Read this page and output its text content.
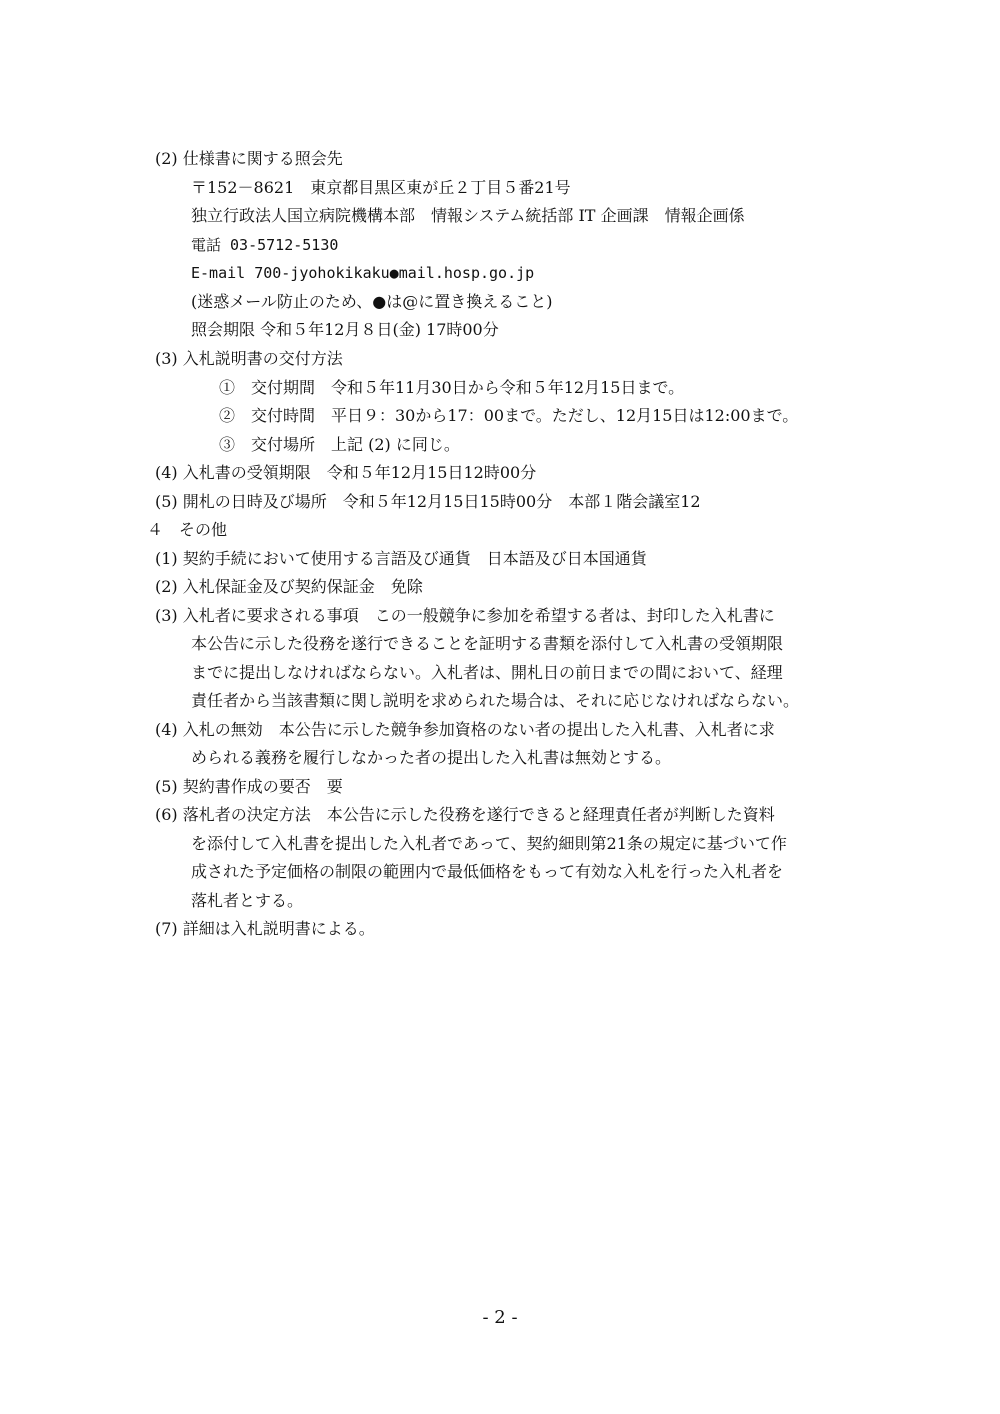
(2) 仕様書に関する照会先
〒152－8621　東京都目黒区東が丘２丁目５番21号
独立行政法人国立病院機構本部　情報システム統括部 IT 企画課　情報企画係
電話 03-5712-5130
E-mail 700-jyohokikaku●mail.hosp.go.jp
(迷惑メール防止のため、●は@に置き換えること)
照会期限 令和５年12月８日(金) 17時00分
(3) 入札説明書の交付方法
①　交付期間　令和５年11月30日から令和５年12月15日まで。
②　交付時間　平日９：30から17：00まで。ただし、12月15日は12:00まで。
③　交付場所　上記 (2) に同じ。
(4) 入札書の受領期限　令和５年12月15日12時00分
(5) 開札の日時及び場所　令和５年12月15日15時00分　本部１階会議室12
４　その他
(1) 契約手続において使用する言語及び通貨　日本語及び日本国通貨
(2) 入札保証金及び契約保証金　免除
(3) 入札者に要求される事項　この一般競争に参加を希望する者は、封印した入札書に
本公告に示した役務を遂行できることを証明する書類を添付して入札書の受領期限
までに提出しなければならない。入札者は、開札日の前日までの間において、経理
責任者から当該書類に関し説明を求められた場合は、それに応じなければならない。
(4) 入札の無効　本公告に示した競争参加資格のない者の提出した入札書、入札者に求
められる義務を履行しなかった者の提出した入札書は無効とする。
(5) 契約書作成の要否　要
(6) 落札者の決定方法　本公告に示した役務を遂行できると経理責任者が判断した資料
を添付して入札書を提出した入札者であって、契約細則第21条の規定に基づいて作
成された予定価格の制限の範囲内で最低価格をもって有効な入札を行った入札者を
落札者とする。
(7) 詳細は入札説明書による。
- 2 -
